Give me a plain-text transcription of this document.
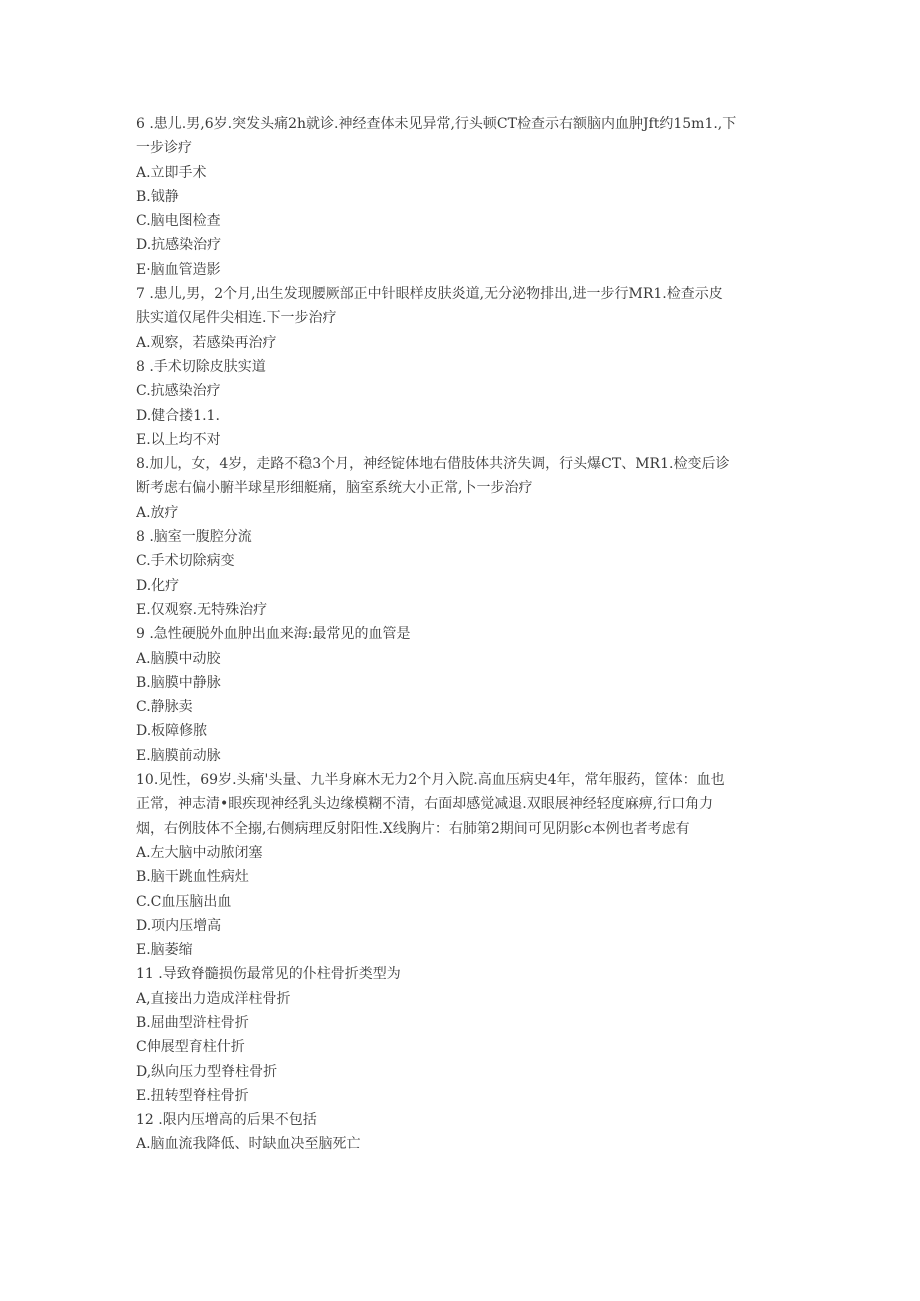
6 .患儿.男,6岁.突发头痛2h就诊.神经查体未见异常,行头顿CT检查示右额脑内血肿Jft约15m1.,下
一步诊疗
A.立即手术
B.钺静
C.脑电图检查
D.抗感染治疗
E·脑血管造影
7 .患儿,男，2个月,出生发现腰厥部正中针眼样皮肤炎道,无分泌物排出,进一步行MR1.检查示皮
肤实道仅尾件尖相连.下一步治疗
A.观察，若感染再治疗
8 .手术切除皮肤实道
C.抗感染治疗
D.健合搂1.1.
E.以上均不对
8.加儿，女，4岁，走路不稳3个月，神经锭体地右借肢体共济失调，行头爆CT、MR1.检变后诊
断考虑右偏小腑半球星形细艇痛，脑室系统大小正常,卜一步治疗
A.放疗
8 .脑室一腹腔分流
C.手术切除病变
D.化疗
E.仅观察.无特殊治疗
9 .急性硬脱外血肿出血来海:最常见的血管是
A.脑膜中动胶
B.脑膜中静脉
C.静脉卖
D.板障修脓
E.脑膜前动脉
10.见性，69岁.头痛'头量、九半身麻木无力2个月入院.高血压病史4年，常年服药，筐体：血也
正常，神志清•眼疾现神经乳头边缘模糊不清，右面却感觉减退.双眼展神经轻度麻痹,行口角力
烟，右例肢体不全搦,右侧病理反射阳性.X线胸片：右肺第2期间可见阴影c本例也者考虑有
A.左大脑中动脓闭塞
B.脑干跳血性病灶
C.C血压脑出血
D.项内压增高
E.脑萎缩
11 .导致脊髓损伤最常见的仆柱骨折类型为
A,直接出力造成洋柱骨折
B.屈曲型浒柱骨折
C伸展型育柱什折
D,纵向压力型脊柱骨折
E.扭转型脊柱骨折
12 .限内压增高的后果不包括
A.脑血流我降低、时缺血决至脑死亡
